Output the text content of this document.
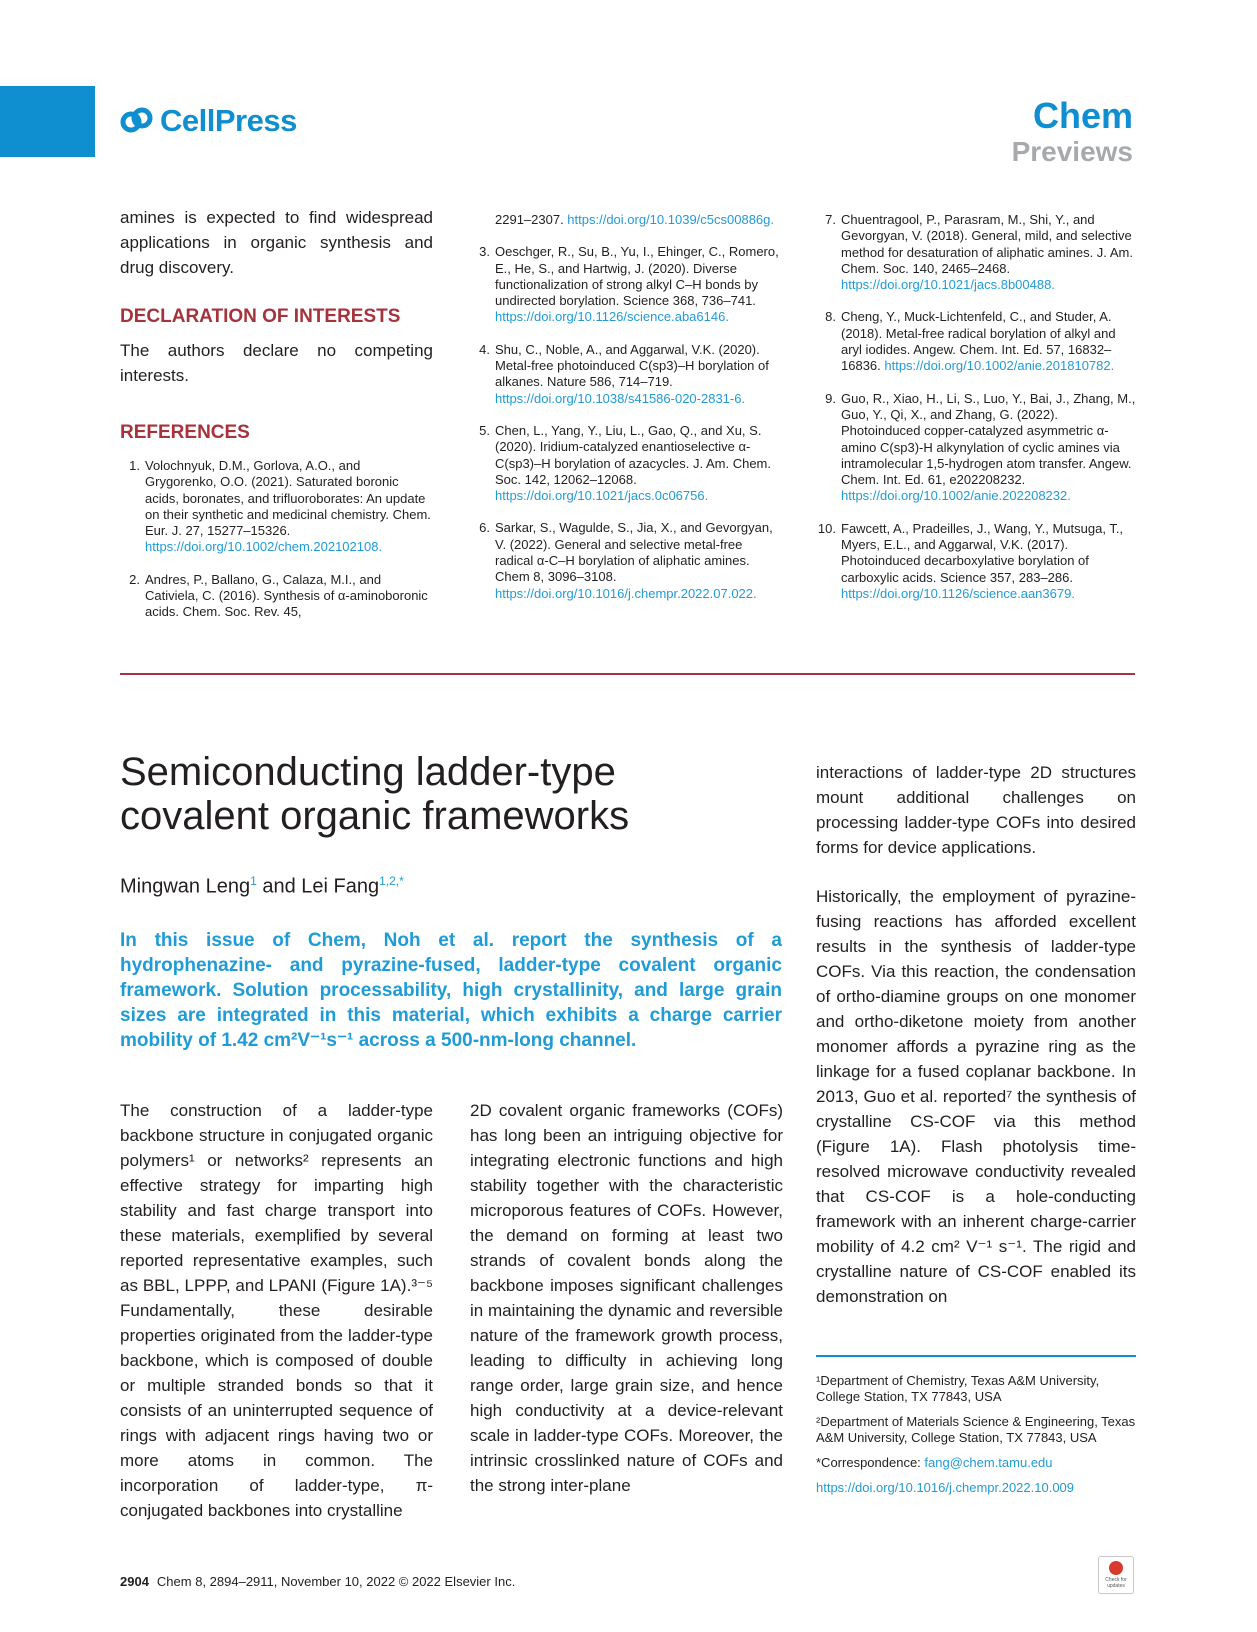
CellPress	Chem
Previews
amines is expected to find widespread applications in organic synthesis and drug discovery.
DECLARATION OF INTERESTS
The authors declare no competing interests.
REFERENCES
1. Volochnyuk, D.M., Gorlova, A.O., and Grygorenko, O.O. (2021). Saturated boronic acids, boronates, and trifluoroborates: An update on their synthetic and medicinal chemistry. Chem. Eur. J. 27, 15277–15326. https://doi.org/10.1002/chem.202102108.
2. Andres, P., Ballano, G., Calaza, M.I., and Cativiela, C. (2016). Synthesis of α-aminoboronic acids. Chem. Soc. Rev. 45,
2291–2307. https://doi.org/10.1039/c5cs00886g.
3. Oeschger, R., Su, B., Yu, I., Ehinger, C., Romero, E., He, S., and Hartwig, J. (2020). Diverse functionalization of strong alkyl C–H bonds by undirected borylation. Science 368, 736–741. https://doi.org/10.1126/science.aba6146.
4. Shu, C., Noble, A., and Aggarwal, V.K. (2020). Metal-free photoinduced C(sp3)–H borylation of alkanes. Nature 586, 714–719. https://doi.org/10.1038/s41586-020-2831-6.
5. Chen, L., Yang, Y., Liu, L., Gao, Q., and Xu, S. (2020). Iridium-catalyzed enantioselective α-C(sp3)–H borylation of azacycles. J. Am. Chem. Soc. 142, 12062–12068. https://doi.org/10.1021/jacs.0c06756.
6. Sarkar, S., Wagulde, S., Jia, X., and Gevorgyan, V. (2022). General and selective metal-free radical α-C–H borylation of aliphatic amines. Chem 8, 3096–3108. https://doi.org/10.1016/j.chempr.2022.07.022.
7. Chuentragool, P., Parasram, M., Shi, Y., and Gevorgyan, V. (2018). General, mild, and selective method for desaturation of aliphatic amines. J. Am. Chem. Soc. 140, 2465–2468. https://doi.org/10.1021/jacs.8b00488.
8. Cheng, Y., Muck-Lichtenfeld, C., and Studer, A. (2018). Metal-free radical borylation of alkyl and aryl iodides. Angew. Chem. Int. Ed. 57, 16832–16836. https://doi.org/10.1002/anie.201810782.
9. Guo, R., Xiao, H., Li, S., Luo, Y., Bai, J., Zhang, M., Guo, Y., Qi, X., and Zhang, G. (2022). Photoinduced copper-catalyzed asymmetric α-amino C(sp3)-H alkynylation of cyclic amines via intramolecular 1,5-hydrogen atom transfer. Angew. Chem. Int. Ed. 61, e202208232. https://doi.org/10.1002/anie.202208232.
10. Fawcett, A., Pradeilles, J., Wang, Y., Mutsuga, T., Myers, E.L., and Aggarwal, V.K. (2017). Photoinduced decarboxylative borylation of carboxylic acids. Science 357, 283–286. https://doi.org/10.1126/science.aan3679.
Semiconducting ladder-type covalent organic frameworks
Mingwan Leng$^1$ and Lei Fang$^{1,2,*}$
In this issue of Chem, Noh et al. report the synthesis of a hydrophenazine- and pyrazine-fused, ladder-type covalent organic framework. Solution processability, high crystallinity, and large grain sizes are integrated in this material, which exhibits a charge carrier mobility of 1.42 cm²V⁻¹s⁻¹ across a 500-nm-long channel.
The construction of a ladder-type backbone structure in conjugated organic polymers¹ or networks² represents an effective strategy for imparting high stability and fast charge transport into these materials, exemplified by several reported representative examples, such as BBL, LPPP, and LPANI (Figure 1A).³⁻⁵ Fundamentally, these desirable properties originated from the ladder-type backbone, which is composed of double or multiple stranded bonds so that it consists of an uninterrupted sequence of rings with adjacent rings having two or more atoms in common. The incorporation of ladder-type, π-conjugated backbones into crystalline
2D covalent organic frameworks (COFs) has long been an intriguing objective for integrating electronic functions and high stability together with the characteristic microporous features of COFs. However, the demand on forming at least two strands of covalent bonds along the backbone imposes significant challenges in maintaining the dynamic and reversible nature of the framework growth process, leading to difficulty in achieving long range order, large grain size, and hence high conductivity at a device-relevant scale in ladder-type COFs. Moreover, the intrinsic crosslinked nature of COFs and the strong inter-plane

interactions of ladder-type 2D structures mount additional challenges on processing ladder-type COFs into desired forms for device applications.

Historically, the employment of pyrazine-fusing reactions has afforded excellent results in the synthesis of ladder-type COFs. Via this reaction, the condensation of ortho-diamine groups on one monomer and ortho-diketone moiety from another monomer affords a pyrazine ring as the linkage for a fused coplanar backbone. In 2013, Guo et al. reported⁷ the synthesis of crystalline CS-COF via this method (Figure 1A). Flash photolysis time-resolved microwave conductivity revealed that CS-COF is a hole-conducting framework with an inherent charge-carrier mobility of 4.2 cm² V⁻¹ s⁻¹. The rigid and crystalline nature of CS-COF enabled its demonstration on

¹Department of Chemistry, Texas A&M University, College Station, TX 77843, USA

²Department of Materials Science & Engineering, Texas A&M University, College Station, TX 77843, USA

*Correspondence: fang@chem.tamu.edu

https://doi.org/10.1016/j.chempr.2022.10.009

2904 Chem 8, 2894–2911, November 10, 2022 © 2022 Elsevier Inc.	Check for updates
